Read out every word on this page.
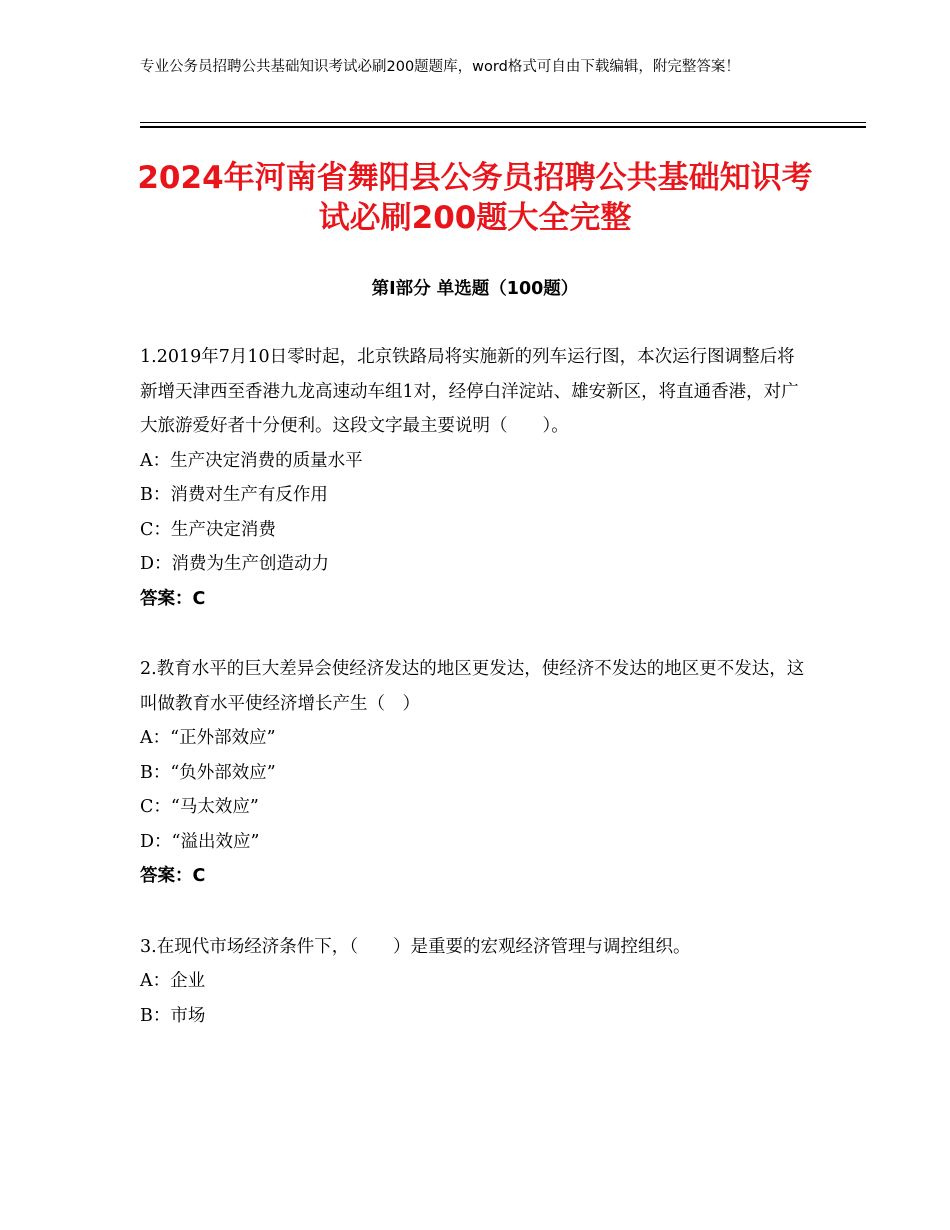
专业公务员招聘公共基础知识考试必刷200题题库，word格式可自由下载编辑，附完整答案！
2024年河南省舞阳县公务员招聘公共基础知识考试必刷200题大全完整
第I部分 单选题（100题）

1.2019年7月10日零时起，北京铁路局将实施新的列车运行图，本次运行图调整后将新增天津西至香港九龙高速动车组1对，经停白洋淀站、雄安新区，将直通香港，对广大旅游爱好者十分便利。这段文字最主要说明（　　）。

A：生产决定消费的质量水平

B：消费对生产有反作用

C：生产决定消费

D：消费为生产创造动力

答案：C

2.教育水平的巨大差异会使经济发达的地区更发达，使经济不发达的地区更不发达，这叫做教育水平使经济增长产生（　）

A：“正外部效应”

B：“负外部效应”

C：“马太效应”

D：“溢出效应”

答案：C

3.在现代市场经济条件下，（　　）是重要的宏观经济管理与调控组织。

A：企业

B：市场
